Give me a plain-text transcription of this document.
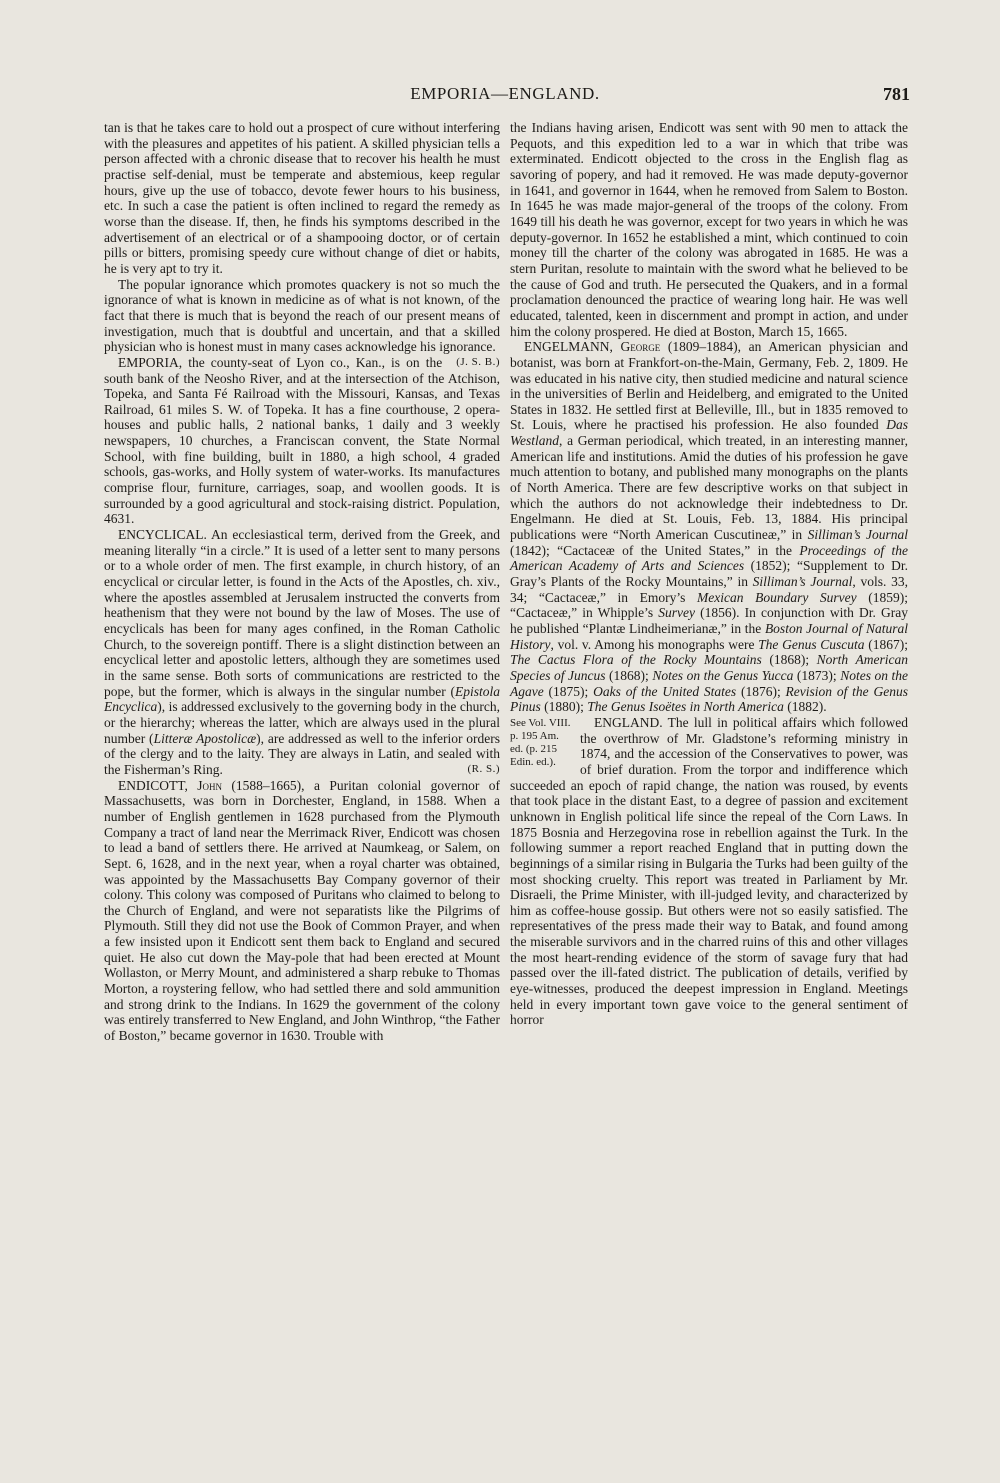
EMPORIA—ENGLAND.	781

tan is that he takes care to hold out a prospect of cure without interfering with the pleasures and appetites of his patient. A skilled physician tells a person affected with a chronic disease that to recover his health he must practise self-denial, must be temperate and abstemious, keep regular hours, give up the use of tobacco, devote fewer hours to his business, etc. In such a case the patient is often inclined to regard the remedy as worse than the disease. If, then, he finds his symptoms described in the advertisement of an electrical or of a shampooing doctor, or of certain pills or bitters, promising speedy cure without change of diet or habits, he is very apt to try it.

The popular ignorance which promotes quackery is not so much the ignorance of what is known in medicine as of what is not known, of the fact that there is much that is beyond the reach of our present means of investigation, much that is doubtful and uncertain, and that a skilled physician who is honest must in many cases acknowledge his ignorance.
(J. S. B.)

EMPORIA, the county-seat of Lyon co., Kan., is on the south bank of the Neosho River, and at the intersection of the Atchison, Topeka, and Santa Fé Railroad with the Missouri, Kansas, and Texas Railroad, 61 miles S. W. of Topeka. It has a fine courthouse, 2 opera-houses and public halls, 2 national banks, 1 daily and 3 weekly newspapers, 10 churches, a Franciscan convent, the State Normal School, with fine building, built in 1880, a high school, 4 graded schools, gas-works, and Holly system of water-works. Its manufactures comprise flour, furniture, carriages, soap, and woollen goods. It is surrounded by a good agricultural and stock-raising district. Population, 4631.

ENCYCLICAL. An ecclesiastical term, derived from the Greek, and meaning literally “in a circle.” It is used of a letter sent to many persons or to a whole order of men. The first example, in church history, of an encyclical or circular letter, is found in the Acts of the Apostles, ch. xiv., where the apostles assembled at Jerusalem instructed the converts from heathenism that they were not bound by the law of Moses. The use of encyclicals has been for many ages confined, in the Roman Catholic Church, to the sovereign pontiff. There is a slight distinction between an encyclical letter and apostolic letters, although they are sometimes used in the same sense. Both sorts of communications are restricted to the pope, but the former, which is always in the singular number (Epistola Encyclica), is addressed exclusively to the governing body in the church, or the hierarchy; whereas the latter, which are always used in the plural number (Litteræ Apostolicæ), are addressed as well to the inferior orders of the clergy and to the laity. They are always in Latin, and sealed with the Fisherman’s Ring.	(R. S.)

ENDICOTT, John (1588–1665), a Puritan colonial governor of Massachusetts, was born in Dorchester, England, in 1588. When a number of English gentlemen in 1628 purchased from the Plymouth Company a tract of land near the Merrimack River, Endicott was chosen to lead a band of settlers there. He arrived at Naumkeag, or Salem, on Sept. 6, 1628, and in the next year, when a royal charter was obtained, was appointed by the Massachusetts Bay Company governor of their colony. This colony was composed of Puritans who claimed to belong to the Church of England, and were not separatists like the Pilgrims of Plymouth. Still they did not use the Book of Common Prayer, and when a few insisted upon it Endicott sent them back to England and secured quiet. He also cut down the May-pole that had been erected at Mount Wollaston, or Merry Mount, and administered a sharp rebuke to Thomas Morton, a roystering fellow, who had settled there and sold ammunition and strong drink to the Indians. In 1629 the government of the colony was entirely transferred to New England, and John Winthrop, “the Father of Boston,” became governor in 1630. Trouble with

the Indians having arisen, Endicott was sent with 90 men to attack the Pequots, and this expedition led to a war in which that tribe was exterminated. Endicott objected to the cross in the English flag as savoring of popery, and had it removed. He was made deputy-governor in 1641, and governor in 1644, when he removed from Salem to Boston. In 1645 he was made major-general of the troops of the colony. From 1649 till his death he was governor, except for two years in which he was deputy-governor. In 1652 he established a mint, which continued to coin money till the charter of the colony was abrogated in 1685. He was a stern Puritan, resolute to maintain with the sword what he believed to be the cause of God and truth. He persecuted the Quakers, and in a formal proclamation denounced the practice of wearing long hair. He was well educated, talented, keen in discernment and prompt in action, and under him the colony prospered. He died at Boston, March 15, 1665.

ENGELMANN, George (1809–1884), an American physician and botanist, was born at Frankfort-on-the-Main, Germany, Feb. 2, 1809. He was educated in his native city, then studied medicine and natural science in the universities of Berlin and Heidelberg, and emigrated to the United States in 1832. He settled first at Belleville, Ill., but in 1835 removed to St. Louis, where he practised his profession. He also founded Das Westland, a German periodical, which treated, in an interesting manner, American life and institutions. Amid the duties of his profession he gave much attention to botany, and published many monographs on the plants of North America. There are few descriptive works on that subject in which the authors do not acknowledge their indebtedness to Dr. Engelmann. He died at St. Louis, Feb. 13, 1884. His principal publications were “North American Cuscutineæ,” in Silliman’s Journal (1842); “Cactaceæ of the United States,” in the Proceedings of the American Academy of Arts and Sciences (1852); “Supplement to Dr. Gray’s Plants of the Rocky Mountains,” in Silliman’s Journal, vols. 33, 34; “Cactaceæ,” in Emory’s Mexican Boundary Survey (1859); “Cactaceæ,” in Whipple’s Survey (1856). In conjunction with Dr. Gray he published “Plantæ Lindheimerianæ,” in the Boston Journal of Natural History, vol. v. Among his monographs were The Genus Cuscuta (1867); The Cactus Flora of the Rocky Mountains (1868); North American Species of Juncus (1868); Notes on the Genus Yucca (1873); Notes on the Agave (1875); Oaks of the United States (1876); Revision of the Genus Pinus (1880); The Genus Isoëtes in North America (1882).

ENGLAND.
See Vol. VIII. p. 195 Am. ed. (p. 215 Edin. ed.).
The lull in political affairs which followed the overthrow of Mr. Gladstone’s reforming ministry in 1874, and the accession of the Conservatives to power, was of brief duration. From the torpor and indifference which succeeded an epoch of rapid change, the nation was roused, by events that took place in the distant East, to a degree of passion and excitement unknown in English political life since the repeal of the Corn Laws. In 1875 Bosnia and Herzegovina rose in rebellion against the Turk. In the following summer a report reached England that in putting down the beginnings of a similar rising in Bulgaria the Turks had been guilty of the most shocking cruelty. This report was treated in Parliament by Mr. Disraeli, the Prime Minister, with ill-judged levity, and characterized by him as coffee-house gossip. But others were not so easily satisfied. The representatives of the press made their way to Batak, and found among the miserable survivors and in the charred ruins of this and other villages the most heart-rending evidence of the storm of savage fury that had passed over the ill-fated district. The publication of details, verified by eye-witnesses, produced the deepest impression in England. Meetings held in every important town gave voice to the general sentiment of horror
